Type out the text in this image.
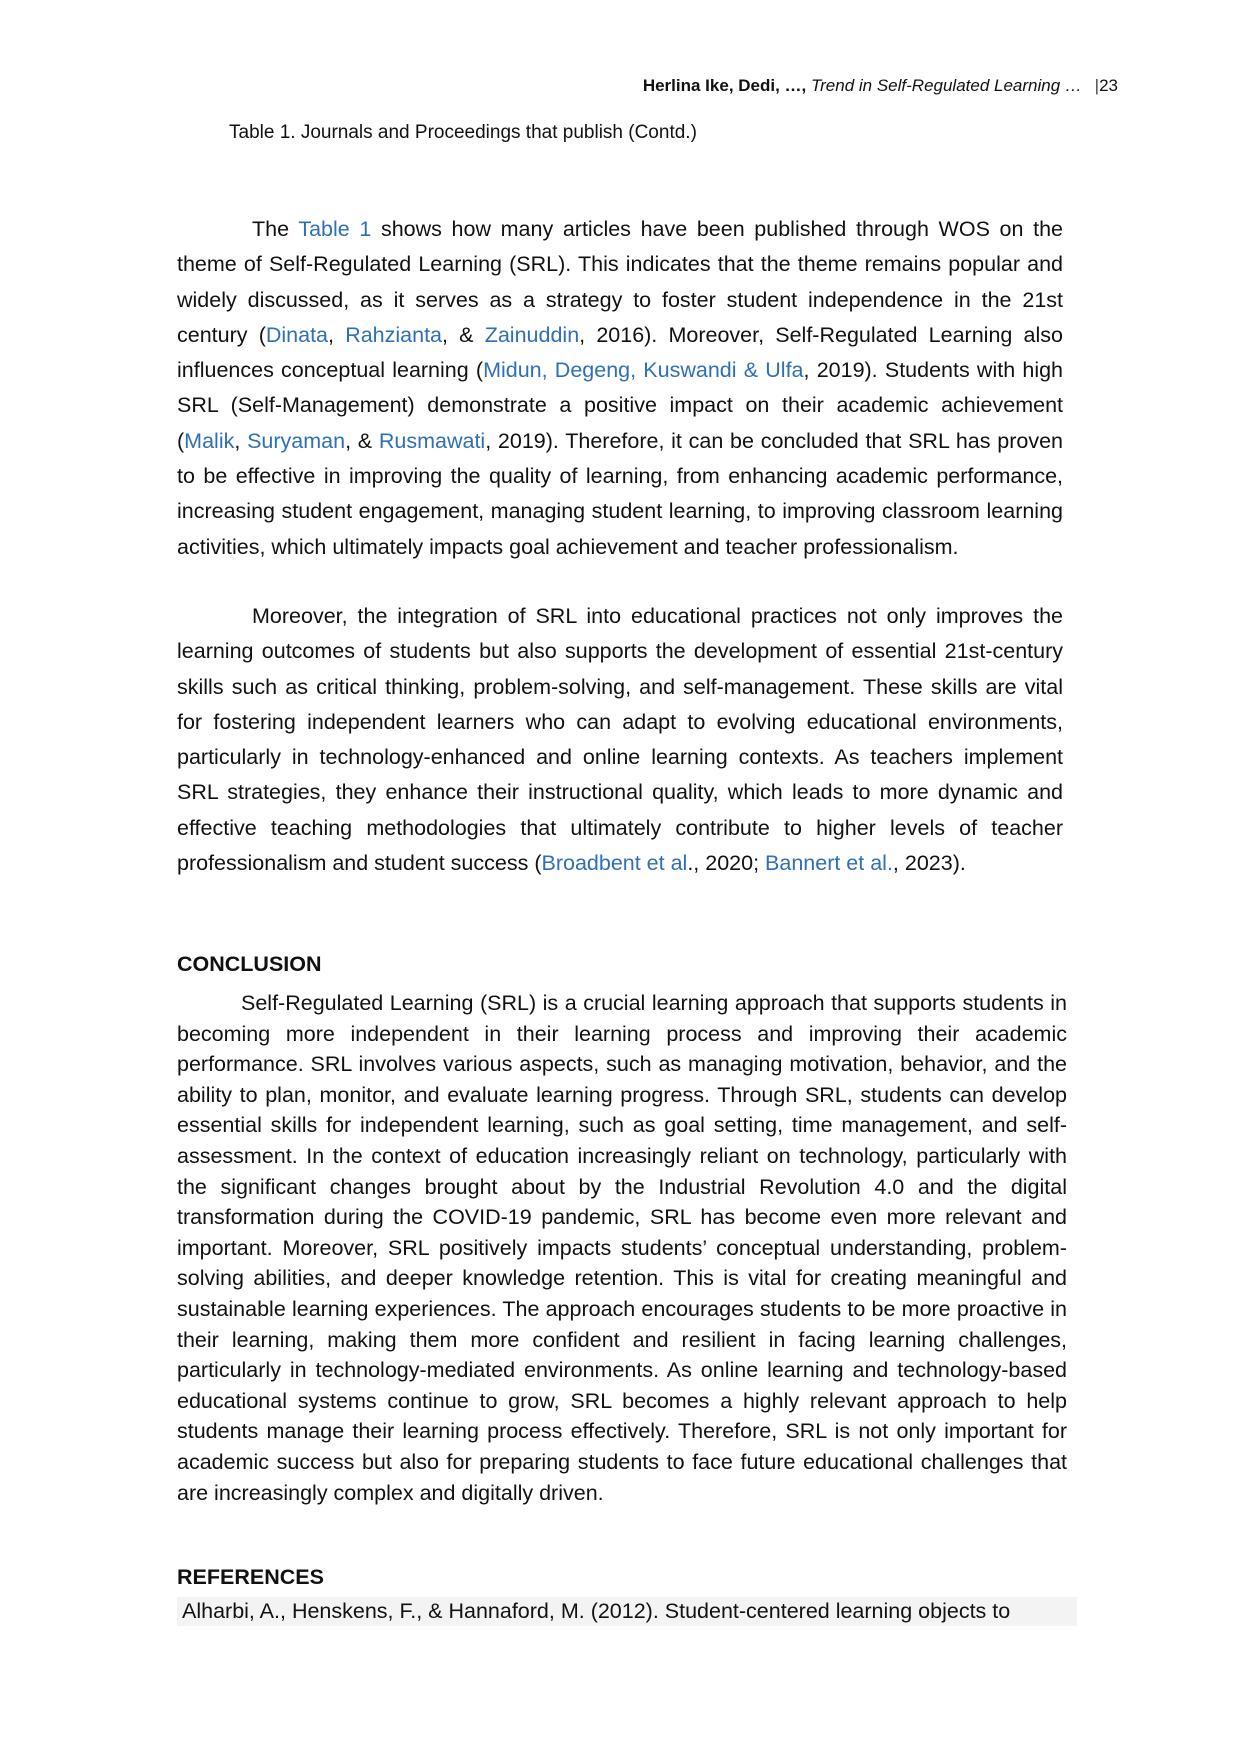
Herlina Ike, Dedi, …, Trend in Self-Regulated Learning … |23
Table 1. Journals and Proceedings that publish (Contd.)

The Table 1 shows how many articles have been published through WOS on the theme of Self-Regulated Learning (SRL). This indicates that the theme remains popular and widely discussed, as it serves as a strategy to foster student independence in the 21st century (Dinata, Rahzianta, & Zainuddin, 2016). Moreover, Self-Regulated Learning also influences conceptual learning (Midun, Degeng, Kuswandi & Ulfa, 2019). Students with high SRL (Self-Management) demonstrate a positive impact on their academic achievement (Malik, Suryaman, & Rusmawati, 2019). Therefore, it can be concluded that SRL has proven to be effective in improving the quality of learning, from enhancing academic performance, increasing student engagement, managing student learning, to improving classroom learning activities, which ultimately impacts goal achievement and teacher professionalism.

Moreover, the integration of SRL into educational practices not only improves the learning outcomes of students but also supports the development of essential 21st-century skills such as critical thinking, problem-solving, and self-management. These skills are vital for fostering independent learners who can adapt to evolving educational environments, particularly in technology-enhanced and online learning contexts. As teachers implement SRL strategies, they enhance their instructional quality, which leads to more dynamic and effective teaching methodologies that ultimately contribute to higher levels of teacher professionalism and student success (Broadbent et al., 2020; Bannert et al., 2023).

CONCLUSION

Self-Regulated Learning (SRL) is a crucial learning approach that supports students in becoming more independent in their learning process and improving their academic performance. SRL involves various aspects, such as managing motivation, behavior, and the ability to plan, monitor, and evaluate learning progress. Through SRL, students can develop essential skills for independent learning, such as goal setting, time management, and self-assessment. In the context of education increasingly reliant on technology, particularly with the significant changes brought about by the Industrial Revolution 4.0 and the digital transformation during the COVID-19 pandemic, SRL has become even more relevant and important. Moreover, SRL positively impacts students’ conceptual understanding, problem-solving abilities, and deeper knowledge retention. This is vital for creating meaningful and sustainable learning experiences. The approach encourages students to be more proactive in their learning, making them more confident and resilient in facing learning challenges, particularly in technology-mediated environments. As online learning and technology-based educational systems continue to grow, SRL becomes a highly relevant approach to help students manage their learning process effectively. Therefore, SRL is not only important for academic success but also for preparing students to face future educational challenges that are increasingly complex and digitally driven.

REFERENCES
Alharbi, A., Henskens, F., & Hannaford, M. (2012). Student-centered learning objects to
